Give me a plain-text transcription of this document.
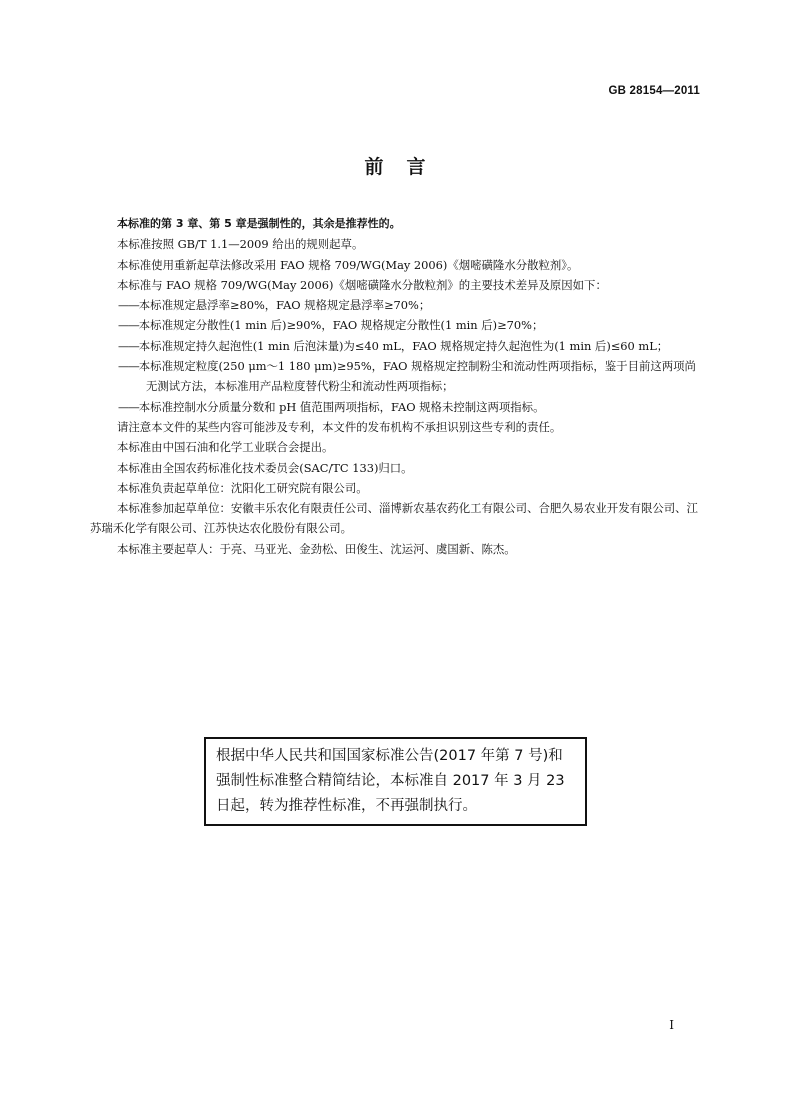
GB 28154—2011
前　言

本标准的第 3 章、第 5 章是强制性的，其余是推荐性的。

本标准按照 GB/T 1.1—2009 给出的规则起草。

本标准使用重新起草法修改采用 FAO 规格 709/WG(May 2006)《烟嘧磺隆水分散粒剂》。

本标准与 FAO 规格 709/WG(May 2006)《烟嘧磺隆水分散粒剂》的主要技术差异及原因如下：

——本标准规定悬浮率≥80%，FAO 规格规定悬浮率≥70%；

——本标准规定分散性(1 min 后)≥90%，FAO 规格规定分散性(1 min 后)≥70%；

——本标准规定持久起泡性(1 min 后泡沫量)为≤40 mL，FAO 规格规定持久起泡性为(1 min 后)≤60 mL；

——本标准规定粒度(250 μm～1 180 μm)≥95%，FAO 规格规定控制粉尘和流动性两项指标，鉴于目前这两项尚无测试方法，本标准用产品粒度替代粉尘和流动性两项指标；

——本标准控制水分质量分数和 pH 值范围两项指标，FAO 规格未控制这两项指标。

请注意本文件的某些内容可能涉及专利，本文件的发布机构不承担识别这些专利的责任。

本标准由中国石油和化学工业联合会提出。

本标准由全国农药标准化技术委员会(SAC/TC 133)归口。

本标准负责起草单位：沈阳化工研究院有限公司。

本标准参加起草单位：安徽丰乐农化有限责任公司、淄博新农基农药化工有限公司、合肥久易农业开发有限公司、江苏瑞禾化学有限公司、江苏快达农化股份有限公司。

本标准主要起草人：于亮、马亚光、金劲松、田俊生、沈运河、虞国新、陈杰。

根据中华人民共和国国家标准公告(2017 年第 7 号)和强制性标准整合精简结论，本标准自 2017 年 3 月 23 日起，转为推荐性标准，不再强制执行。
I
